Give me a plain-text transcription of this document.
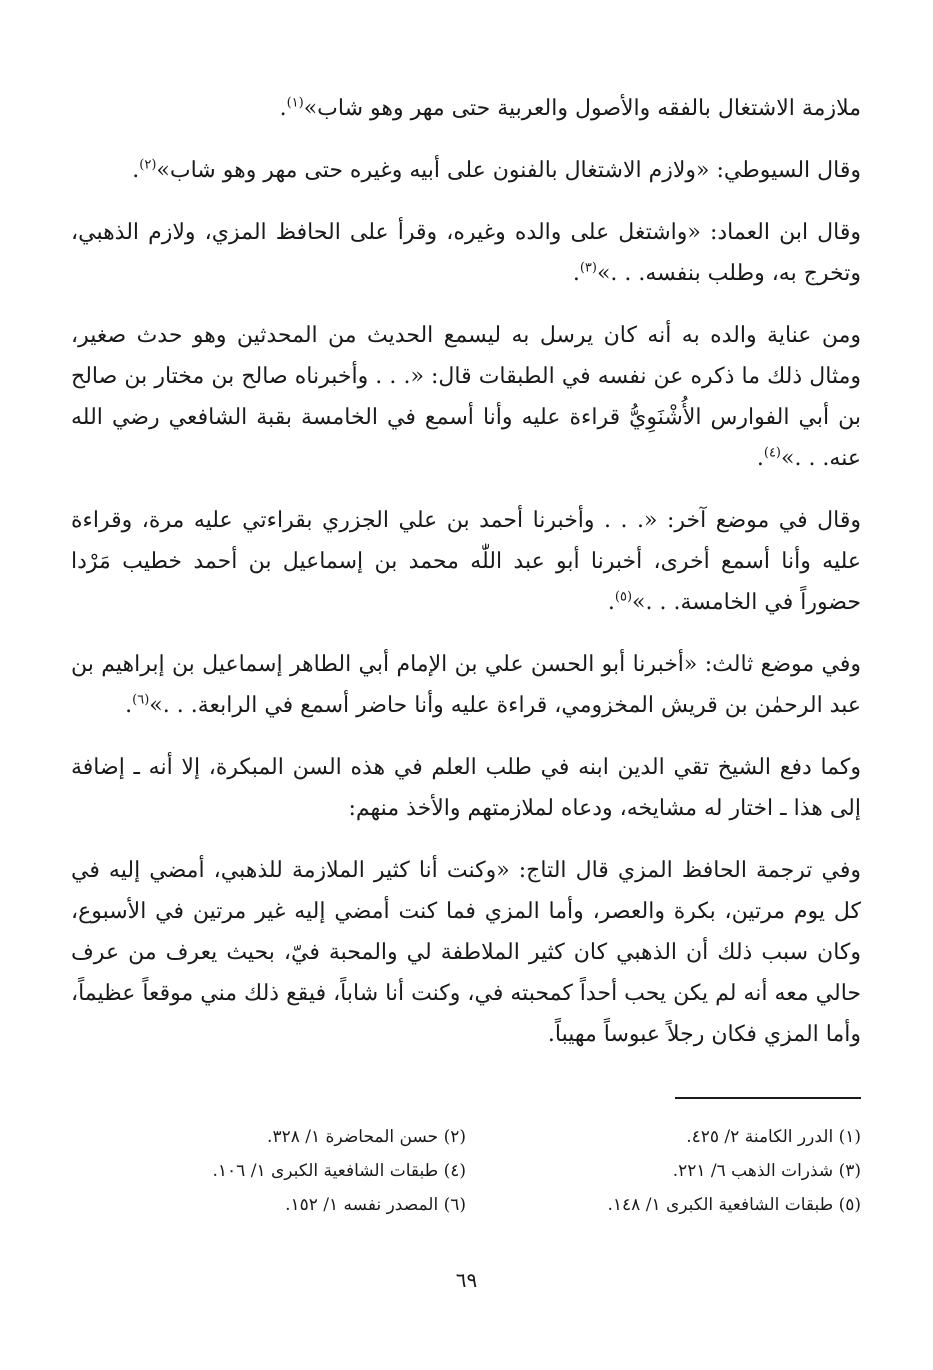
ملازمة الاشتغال بالفقه والأصول والعربية حتى مهر وهو شاب»$^{(١)}$.

وقال السيوطي: «ولازم الاشتغال بالفنون على أبيه وغيره حتى مهر وهو شاب»$^{(٢)}$.

وقال ابن العماد: «واشتغل على والده وغيره، وقرأ على الحافظ المزي، ولازم الذهبي، وتخرج به، وطلب بنفسه. . .»$^{(٣)}$.

ومن عناية والده به أنه كان يرسل به ليسمع الحديث من المحدثين وهو حدث صغير، ومثال ذلك ما ذكره عن نفسه في الطبقات قال: «. . . وأخبرناه صالح بن مختار بن صالح بن أبي الفوارس الأُشْنَوِيُّ قراءة عليه وأنا أسمع في الخامسة بقبة الشافعي رضي الله عنه. . .»$^{(٤)}$.

وقال في موضع آخر: «. . . وأخبرنا أحمد بن علي الجزري بقراءتي عليه مرة، وقراءة عليه وأنا أسمع أخرى، أخبرنا أبو عبد اللّٰه محمد بن إسماعيل بن أحمد خطيب مَرْدا حضوراً في الخامسة. . .»$^{(٥)}$.

وفي موضع ثالث: «أخبرنا أبو الحسن علي بن الإمام أبي الطاهر إسماعيل بن إبراهيم بن عبد الرحمٰن بن قريش المخزومي، قراءة عليه وأنا حاضر أسمع في الرابعة. . .»$^{(٦)}$.

وكما دفع الشيخ تقي الدين ابنه في طلب العلم في هذه السن المبكرة، إلا أنه ـ إضافة إلى هذا ـ اختار له مشايخه، ودعاه لملازمتهم والأخذ منهم:

وفي ترجمة الحافظ المزي قال التاج: «وكنت أنا كثير الملازمة للذهبي، أمضي إليه في كل يوم مرتين، بكرة والعصر، وأما المزي فما كنت أمضي إليه غير مرتين في الأسبوع، وكان سبب ذلك أن الذهبي كان كثير الملاطفة لي والمحبة فيّ، بحيث يعرف من عرف حالي معه أنه لم يكن يحب أحداً كمحبته في، وكنت أنا شاباً، فيقع ذلك مني موقعاً عظيماً، وأما المزي فكان رجلاً عبوساً مهيباً.

(١) الدرر الكامنة ٢/ ٤٢٥.
(٢) حسن المحاضرة ١/ ٣٢٨.
(٣) شذرات الذهب ٦/ ٢٢١.
(٤) طبقات الشافعية الكبرى ١/ ١٠٦.
(٥) طبقات الشافعية الكبرى ١/ ١٤٨.
(٦) المصدر نفسه ١/ ١٥٢.
٦٩
